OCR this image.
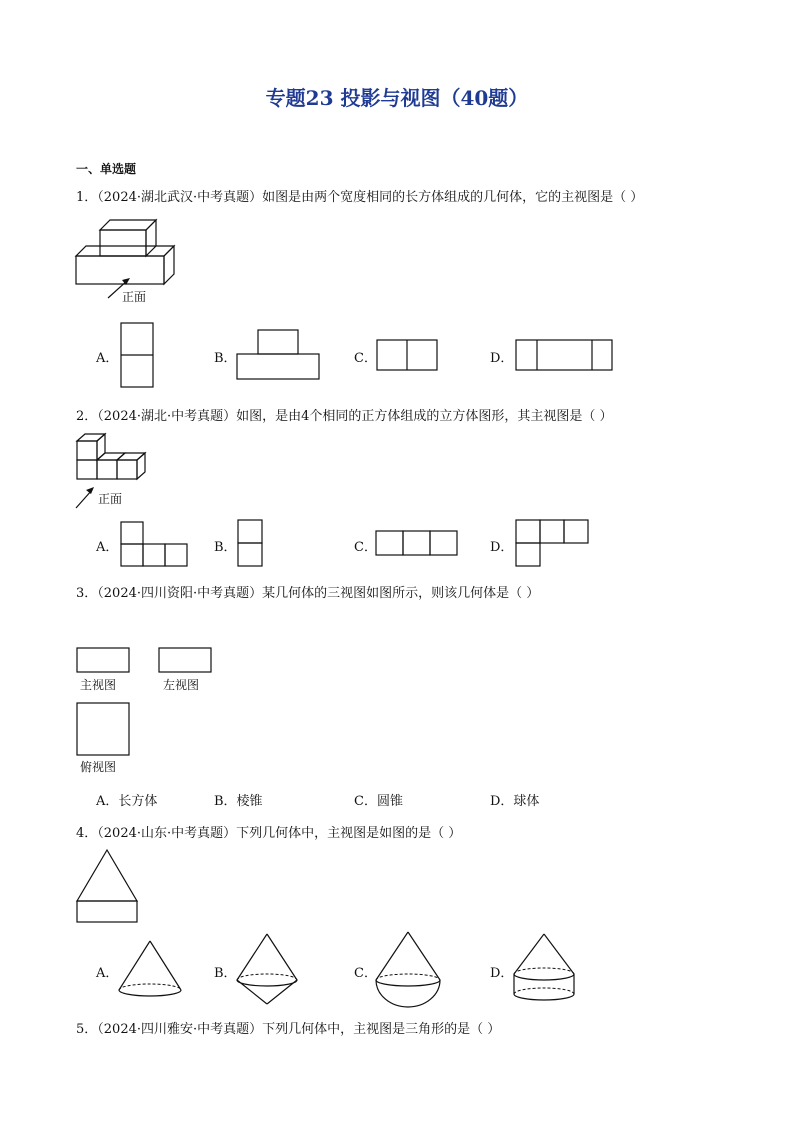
专题23 投影与视图（40题）
一、单选题
1．（2024·湖北武汉·中考真题）如图是由两个宽度相同的长方体组成的几何体，它的主视图是（ ）
正面
A．	B．	C．	D．
2．（2024·湖北·中考真题）如图，是由4个相同的正方体组成的立方体图形，其主视图是（ ）
正面
A．	B．	C．	D．
3．（2024·四川资阳·中考真题）某几何体的三视图如图所示，则该几何体是（ ）
主视图	左视图
俯视图
A．长方体	B．棱锥	C．圆锥	D．球体
4．（2024·山东·中考真题）下列几何体中，主视图是如图的是（ ）
A．	B．	C．	D．
5．（2024·四川雅安·中考真题）下列几何体中，主视图是三角形的是（ ）
